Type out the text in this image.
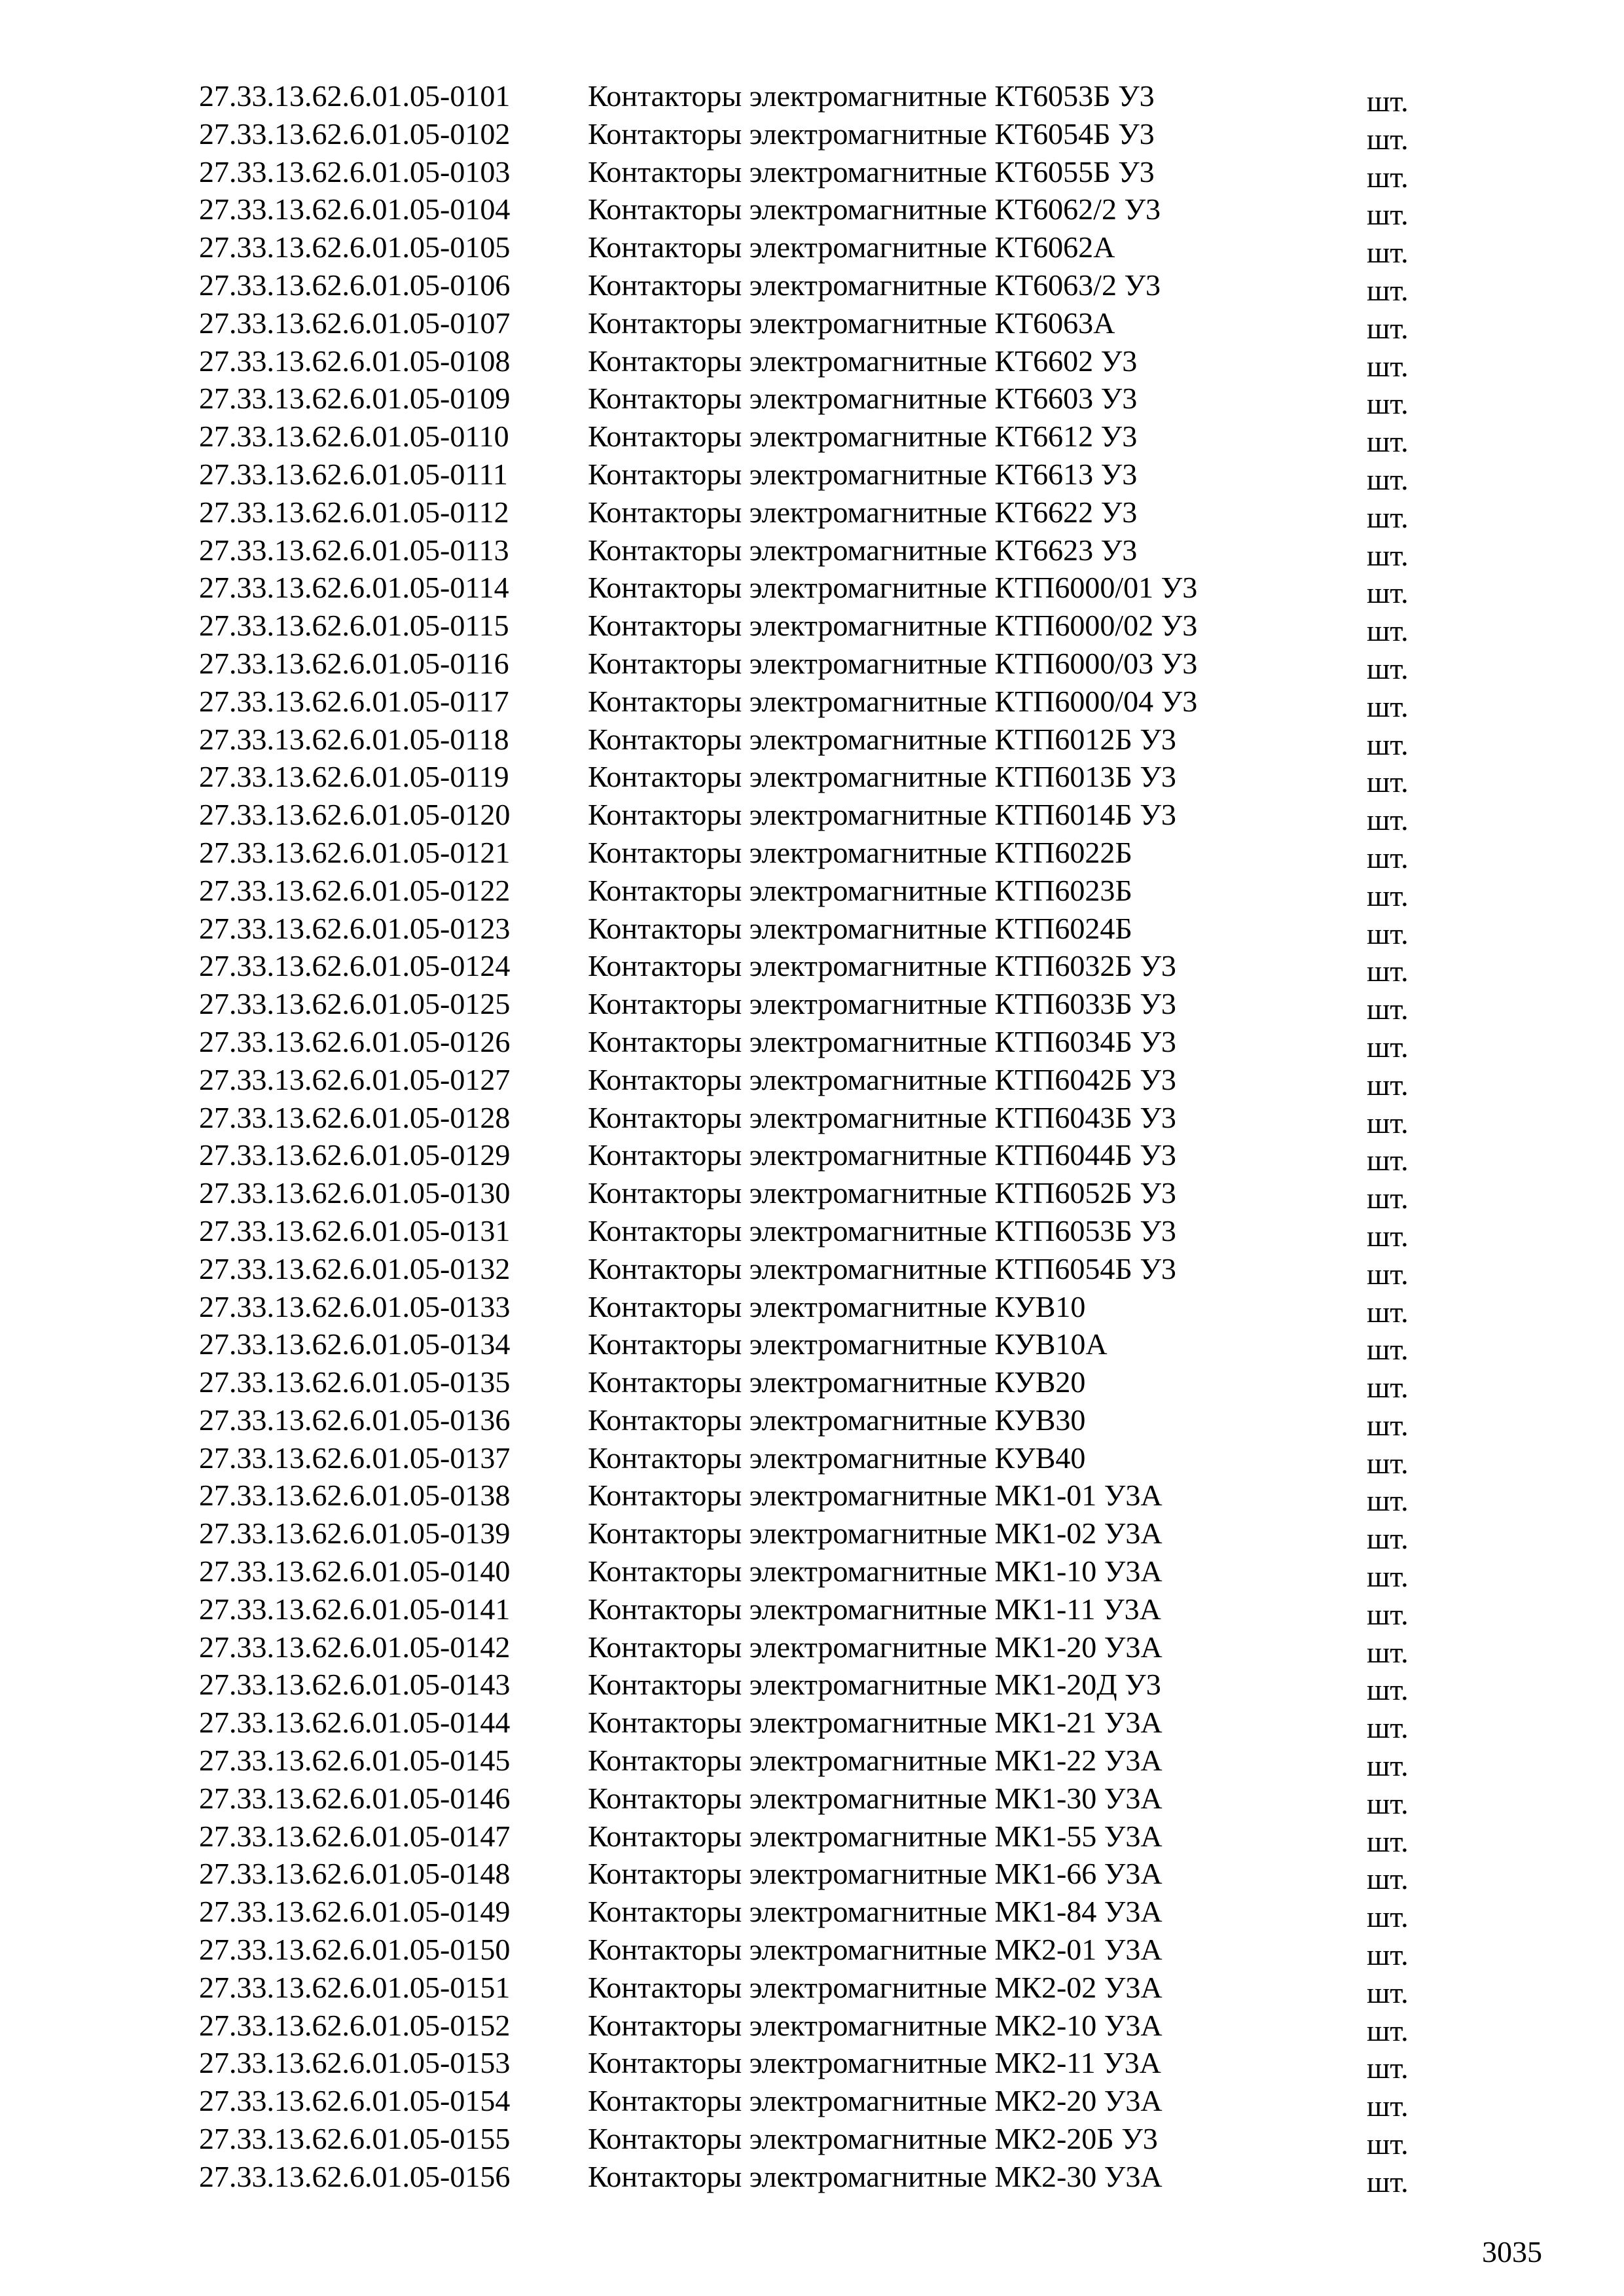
27.33.13.62.6.01.05-0101	Контакторы электромагнитные КТ6053Б У3	шт.
27.33.13.62.6.01.05-0102	Контакторы электромагнитные КТ6054Б У3	шт.
27.33.13.62.6.01.05-0103	Контакторы электромагнитные КТ6055Б У3	шт.
27.33.13.62.6.01.05-0104	Контакторы электромагнитные КТ6062/2 У3	шт.
27.33.13.62.6.01.05-0105	Контакторы электромагнитные КТ6062А	шт.
27.33.13.62.6.01.05-0106	Контакторы электромагнитные КТ6063/2 У3	шт.
27.33.13.62.6.01.05-0107	Контакторы электромагнитные КТ6063А	шт.
27.33.13.62.6.01.05-0108	Контакторы электромагнитные КТ6602 У3	шт.
27.33.13.62.6.01.05-0109	Контакторы электромагнитные КТ6603 У3	шт.
27.33.13.62.6.01.05-0110	Контакторы электромагнитные КТ6612 У3	шт.
27.33.13.62.6.01.05-0111	Контакторы электромагнитные КТ6613 У3	шт.
27.33.13.62.6.01.05-0112	Контакторы электромагнитные КТ6622 У3	шт.
27.33.13.62.6.01.05-0113	Контакторы электромагнитные КТ6623 У3	шт.
27.33.13.62.6.01.05-0114	Контакторы электромагнитные КТП6000/01 У3	шт.
27.33.13.62.6.01.05-0115	Контакторы электромагнитные КТП6000/02 У3	шт.
27.33.13.62.6.01.05-0116	Контакторы электромагнитные КТП6000/03 У3	шт.
27.33.13.62.6.01.05-0117	Контакторы электромагнитные КТП6000/04 У3	шт.
27.33.13.62.6.01.05-0118	Контакторы электромагнитные КТП6012Б У3	шт.
27.33.13.62.6.01.05-0119	Контакторы электромагнитные КТП6013Б У3	шт.
27.33.13.62.6.01.05-0120	Контакторы электромагнитные КТП6014Б У3	шт.
27.33.13.62.6.01.05-0121	Контакторы электромагнитные КТП6022Б	шт.
27.33.13.62.6.01.05-0122	Контакторы электромагнитные КТП6023Б	шт.
27.33.13.62.6.01.05-0123	Контакторы электромагнитные КТП6024Б	шт.
27.33.13.62.6.01.05-0124	Контакторы электромагнитные КТП6032Б У3	шт.
27.33.13.62.6.01.05-0125	Контакторы электромагнитные КТП6033Б У3	шт.
27.33.13.62.6.01.05-0126	Контакторы электромагнитные КТП6034Б У3	шт.
27.33.13.62.6.01.05-0127	Контакторы электромагнитные КТП6042Б У3	шт.
27.33.13.62.6.01.05-0128	Контакторы электромагнитные КТП6043Б У3	шт.
27.33.13.62.6.01.05-0129	Контакторы электромагнитные КТП6044Б У3	шт.
27.33.13.62.6.01.05-0130	Контакторы электромагнитные КТП6052Б У3	шт.
27.33.13.62.6.01.05-0131	Контакторы электромагнитные КТП6053Б У3	шт.
27.33.13.62.6.01.05-0132	Контакторы электромагнитные КТП6054Б У3	шт.
27.33.13.62.6.01.05-0133	Контакторы электромагнитные КУВ10	шт.
27.33.13.62.6.01.05-0134	Контакторы электромагнитные КУВ10А	шт.
27.33.13.62.6.01.05-0135	Контакторы электромагнитные КУВ20	шт.
27.33.13.62.6.01.05-0136	Контакторы электромагнитные КУВ30	шт.
27.33.13.62.6.01.05-0137	Контакторы электромагнитные КУВ40	шт.
27.33.13.62.6.01.05-0138	Контакторы электромагнитные МК1-01 У3А	шт.
27.33.13.62.6.01.05-0139	Контакторы электромагнитные МК1-02 У3А	шт.
27.33.13.62.6.01.05-0140	Контакторы электромагнитные МК1-10 У3А	шт.
27.33.13.62.6.01.05-0141	Контакторы электромагнитные МК1-11 У3А	шт.
27.33.13.62.6.01.05-0142	Контакторы электромагнитные МК1-20 У3А	шт.
27.33.13.62.6.01.05-0143	Контакторы электромагнитные МК1-20Д У3	шт.
27.33.13.62.6.01.05-0144	Контакторы электромагнитные МК1-21 У3А	шт.
27.33.13.62.6.01.05-0145	Контакторы электромагнитные МК1-22 У3А	шт.
27.33.13.62.6.01.05-0146	Контакторы электромагнитные МК1-30 У3А	шт.
27.33.13.62.6.01.05-0147	Контакторы электромагнитные МК1-55 У3А	шт.
27.33.13.62.6.01.05-0148	Контакторы электромагнитные МК1-66 У3А	шт.
27.33.13.62.6.01.05-0149	Контакторы электромагнитные МК1-84 У3А	шт.
27.33.13.62.6.01.05-0150	Контакторы электромагнитные МК2-01 У3А	шт.
27.33.13.62.6.01.05-0151	Контакторы электромагнитные МК2-02 У3А	шт.
27.33.13.62.6.01.05-0152	Контакторы электромагнитные МК2-10 У3А	шт.
27.33.13.62.6.01.05-0153	Контакторы электромагнитные МК2-11 У3А	шт.
27.33.13.62.6.01.05-0154	Контакторы электромагнитные МК2-20 У3А	шт.
27.33.13.62.6.01.05-0155	Контакторы электромагнитные МК2-20Б У3	шт.
27.33.13.62.6.01.05-0156	Контакторы электромагнитные МК2-30 У3А	шт.
3035
